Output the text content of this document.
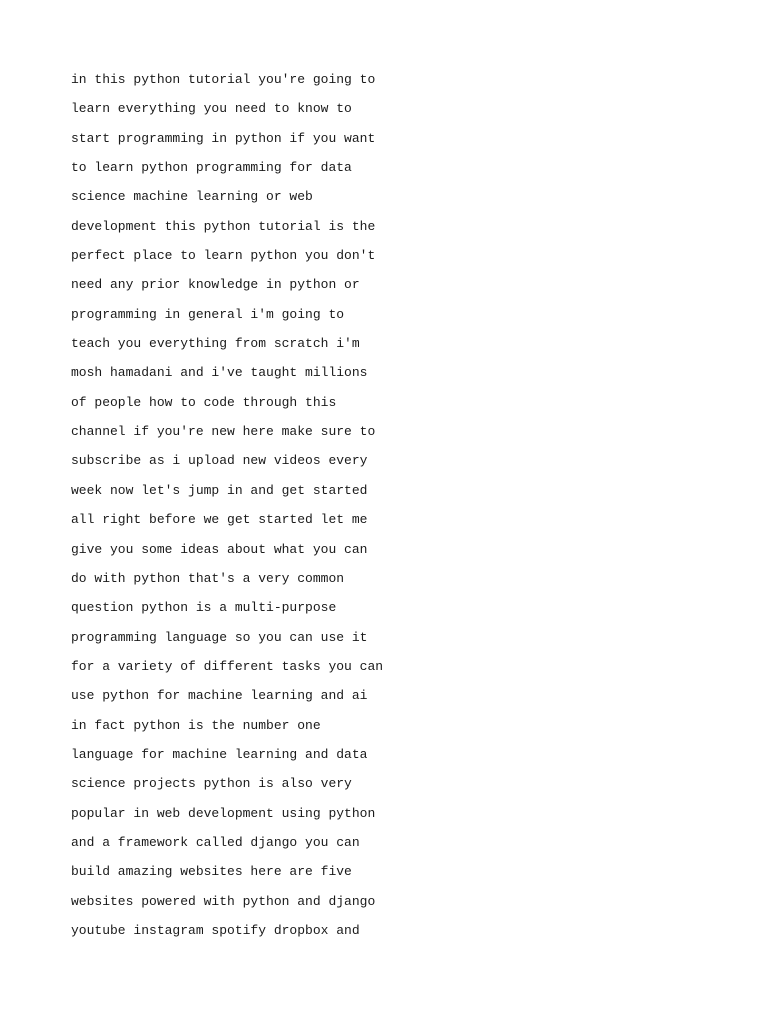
in this python tutorial you're going to
learn everything you need to know to
start programming in python if you want
to learn python programming for data
science machine learning or web
development this python tutorial is the
perfect place to learn python you don't
need any prior knowledge in python or
programming in general i'm going to
teach you everything from scratch i'm
mosh hamadani and i've taught millions
of people how to code through this
channel if you're new here make sure to
subscribe as i upload new videos every
week now let's jump in and get started
all right before we get started let me
give you some ideas about what you can
do with python that's a very common
question python is a multi-purpose
programming language so you can use it
for a variety of different tasks you can
use python for machine learning and ai
in fact python is the number one
language for machine learning and data
science projects python is also very
popular in web development using python
and a framework called django you can
build amazing websites here are five
websites powered with python and django
youtube instagram spotify dropbox and
